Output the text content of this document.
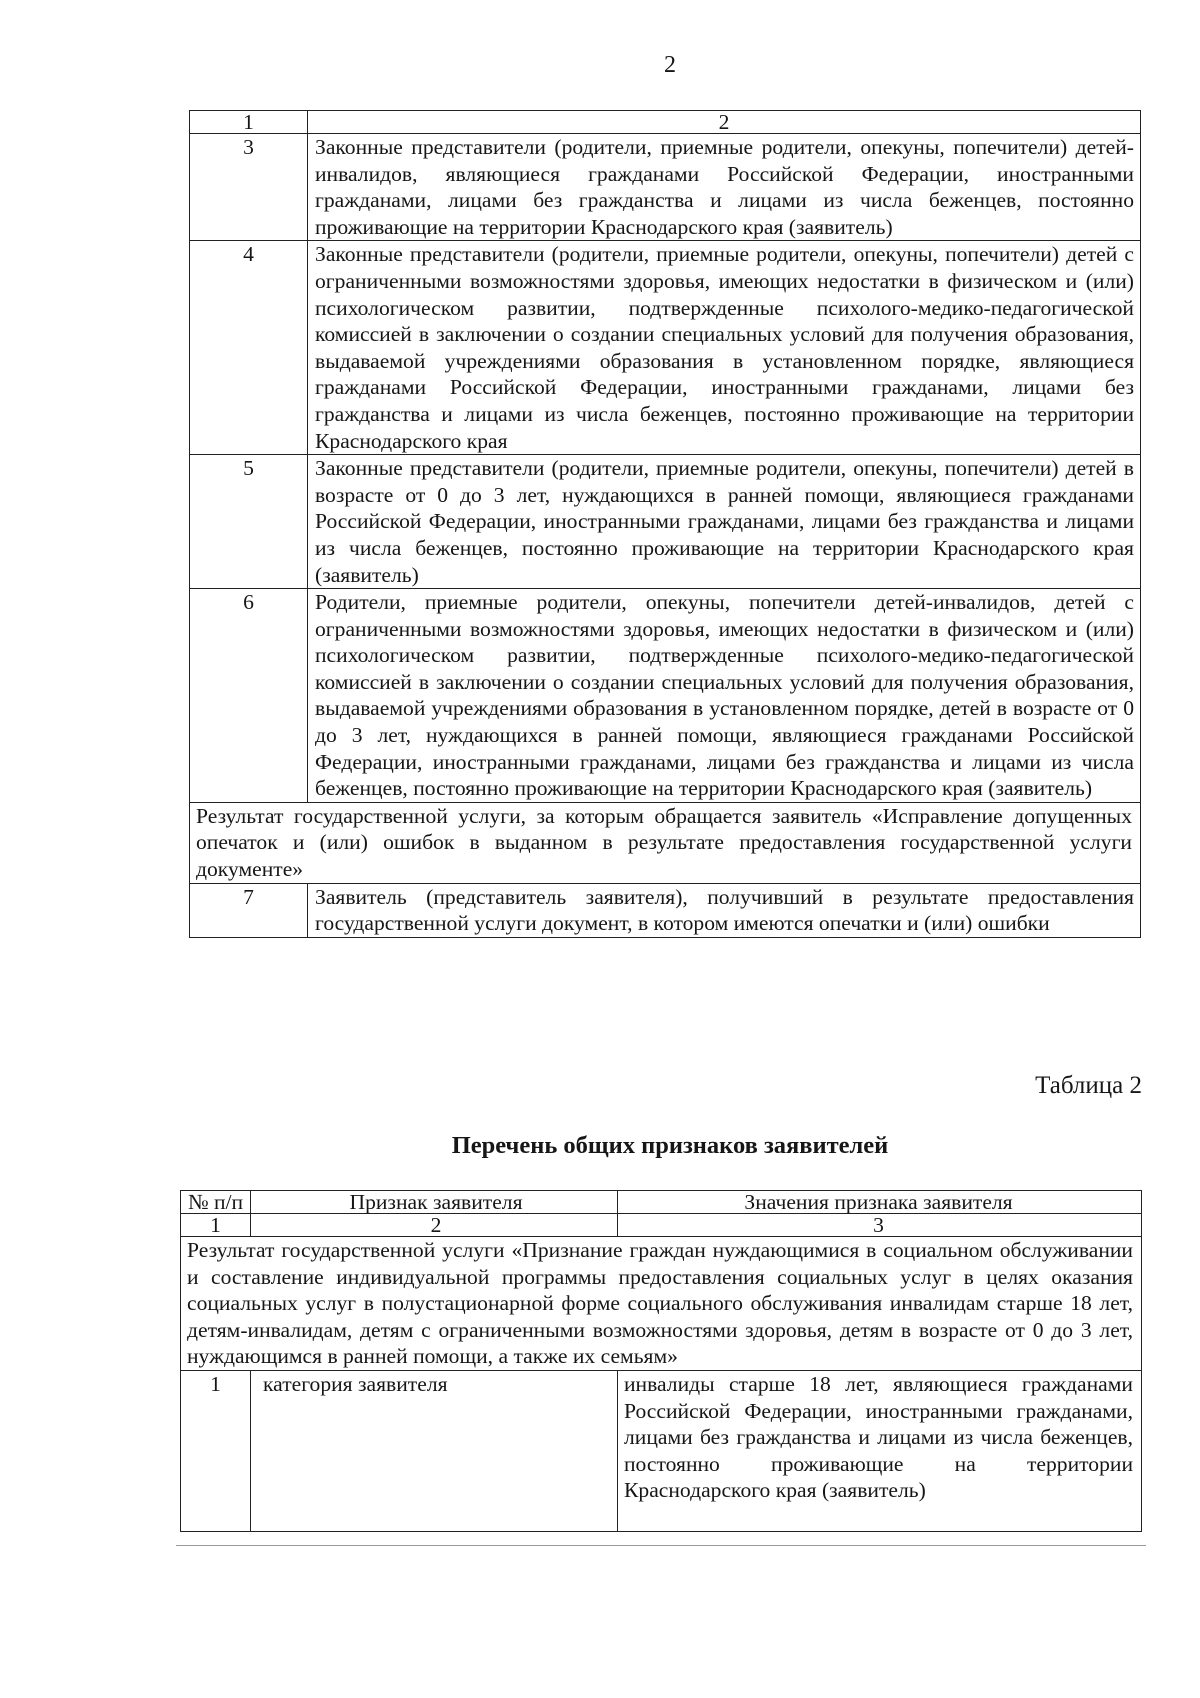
2
1	2
3	Законные представители (родители, приемные родители, опекуны, попечители) детей-инвалидов, являющиеся гражданами Российской Федерации, иностранными гражданами, лицами без гражданства и лицами из числа беженцев, постоянно проживающие на территории Краснодарского края (заявитель)
4	Законные представители (родители, приемные родители, опекуны, попечители) детей с ограниченными возможностями здоровья, имеющих недостатки в физическом и (или) психологическом развитии, подтвержденные психолого-медико-педагогической комиссией в заключении о создании специальных условий для получения образования, выдаваемой учреждениями образования в установленном порядке, являющиеся гражданами Российской Федерации, иностранными гражданами, лицами без гражданства и лицами из числа беженцев, постоянно проживающие на территории Краснодарского края
5	Законные представители (родители, приемные родители, опекуны, попечители) детей в возрасте от 0 до 3 лет, нуждающихся в ранней помощи, являющиеся гражданами Российской Федерации, иностранными гражданами, лицами без гражданства и лицами из числа беженцев, постоянно проживающие на территории Краснодарского края (заявитель)
6	Родители, приемные родители, опекуны, попечители детей-инвалидов, детей с ограниченными возможностями здоровья, имеющих недостатки в физическом и (или) психологическом развитии, подтвержденные психолого-медико-педагогической комиссией в заключении о создании специальных условий для получения образования, выдаваемой учреждениями образования в установленном порядке, детей в возрасте от 0 до 3 лет, нуждающихся в ранней помощи, являющиеся гражданами Российской Федерации, иностранными гражданами, лицами без гражданства и лицами из числа беженцев, постоянно проживающие на территории Краснодарского края (заявитель)
Результат государственной услуги, за которым обращается заявитель «Исправление допущенных опечаток и (или) ошибок в выданном в результате предоставления государственной услуги документе»	
7	Заявитель (представитель заявителя), получивший в результате предоставления государственной услуги документ, в котором имеются опечатки и (или) ошибки
Таблица 2
Перечень общих признаков заявителей
№ п/п	Признак заявителя	Значения признака заявителя
1	2	3
Результат государственной услуги «Признание граждан нуждающимися в социальном обслуживании и составление индивидуальной программы предоставления социальных услуг в целях оказания социальных услуг в полустационарной форме социального обслуживания инвалидам старше 18 лет, детям-инвалидам, детям с ограниченными возможностями здоровья, детям в возрасте от 0 до 3 лет, нуждающимся в ранней помощи, а также их семьям»		
1	категория заявителя	инвалиды старше 18 лет, являющиеся гражданами Российской Федерации, иностранными гражданами, лицами без гражданства и лицами из числа беженцев, постоянно проживающие на территории Краснодарского края (заявитель)
